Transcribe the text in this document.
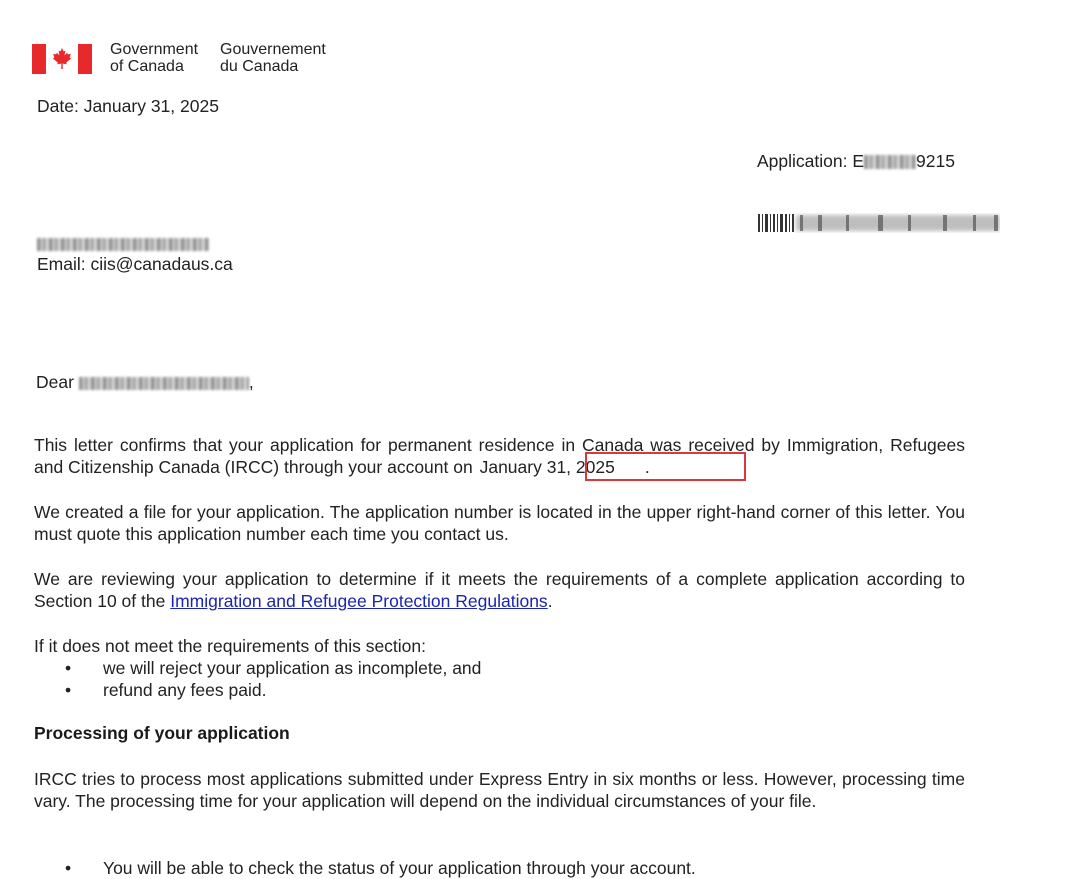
Government
of Canada
Gouvernement
du Canada
Date: January 31, 2025
Application: E	9215
Email: ciis@canadaus.ca
Dear	,
This letter confirms that your application for permanent residence in Canada was received by Immigration, Refugees and Citizenship Canada (IRCC) through your account on January 31, 2025 .
We created a file for your application. The application number is located in the upper right-hand corner of this letter. You must quote this application number each time you contact us.
We are reviewing your application to determine if it meets the requirements of a complete application according to Section 10 of the Immigration and Refugee Protection Regulations.
If it does not meet the requirements of this section:
• we will reject your application as incomplete, and
• refund any fees paid.
Processing of your application
IRCC tries to process most applications submitted under Express Entry in six months or less. However, processing time vary. The processing time for your application will depend on the individual circumstances of your file.
• You will be able to check the status of your application through your account.
